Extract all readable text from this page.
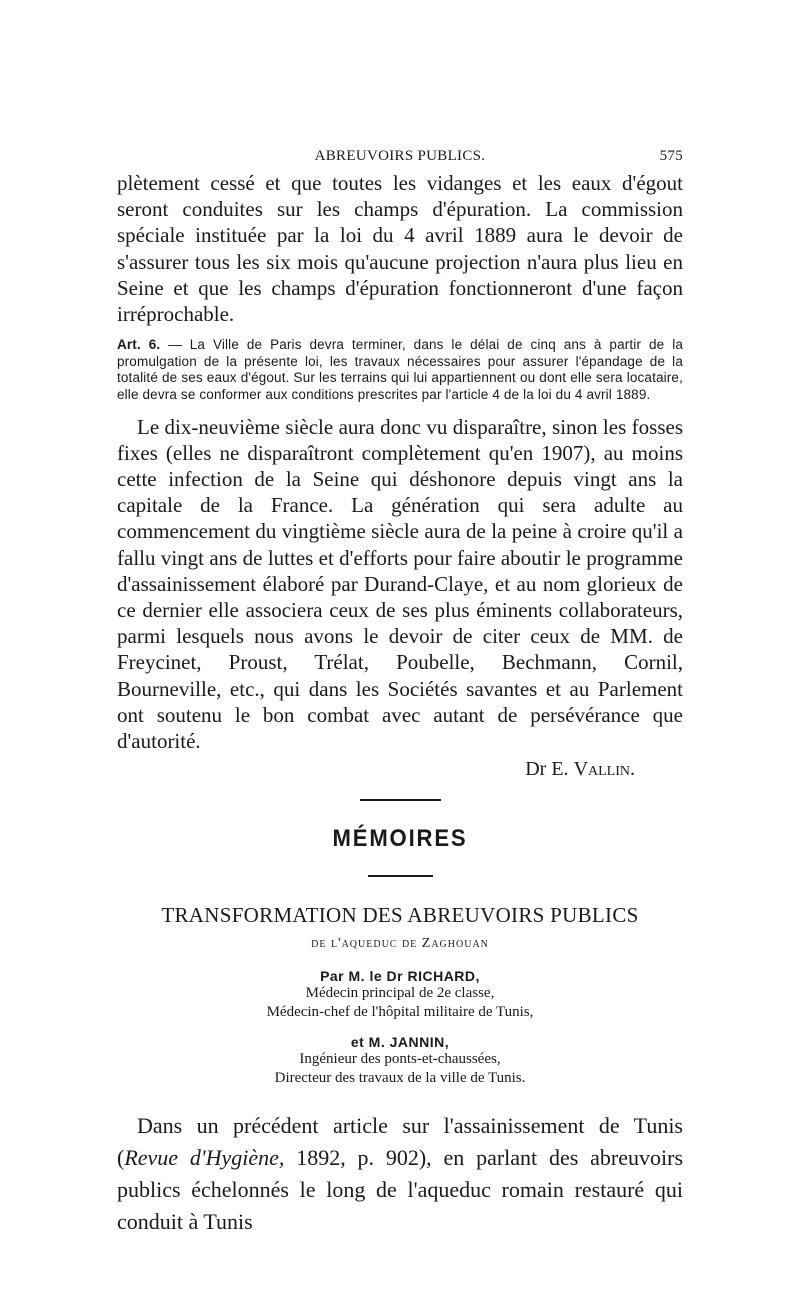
ABREUVOIRS PUBLICS.	575

plètement cessé et que toutes les vidanges et les eaux d'égout seront conduites sur les champs d'épuration. La commission spéciale instituée par la loi du 4 avril 1889 aura le devoir de s'assurer tous les six mois qu'aucune projection n'aura plus lieu en Seine et que les champs d'épuration fonctionneront d'une façon irréprochable.

Art. 6. — La Ville de Paris devra terminer, dans le délai de cinq ans à partir de la promulgation de la présente loi, les travaux nécessaires pour assurer l'épandage de la totalité de ses eaux d'égout. Sur les terrains qui lui appartiennent ou dont elle sera locataire, elle devra se conformer aux conditions prescrites par l'article 4 de la loi du 4 avril 1889.

Le dix-neuvième siècle aura donc vu disparaître, sinon les fosses fixes (elles ne disparaîtront complètement qu'en 1907), au moins cette infection de la Seine qui déshonore depuis vingt ans la capitale de la France. La génération qui sera adulte au commencement du vingtième siècle aura de la peine à croire qu'il a fallu vingt ans de luttes et d'efforts pour faire aboutir le programme d'assainissement élaboré par Durand-Claye, et au nom glorieux de ce dernier elle associera ceux de ses plus éminents collaborateurs, parmi lesquels nous avons le devoir de citer ceux de MM. de Freycinet, Proust, Trélat, Poubelle, Bechmann, Cornil, Bourneville, etc., qui dans les Sociétés savantes et au Parlement ont soutenu le bon combat avec autant de persévérance que d'autorité.

Dr E. Vallin.
MÉMOIRES
TRANSFORMATION DES ABREUVOIRS PUBLICS
de l'aqueduc de Zaghouan
Par M. le Dr RICHARD,
Médecin principal de 2e classe,
Médecin-chef de l'hôpital militaire de Tunis,
et M. JANNIN,
Ingénieur des ponts-et-chaussées,
Directeur des travaux de la ville de Tunis.

Dans un précédent article sur l'assainissement de Tunis (Revue d'Hygiène, 1892, p. 902), en parlant des abreuvoirs publics échelonnés le long de l'aqueduc romain restauré qui conduit à Tunis
